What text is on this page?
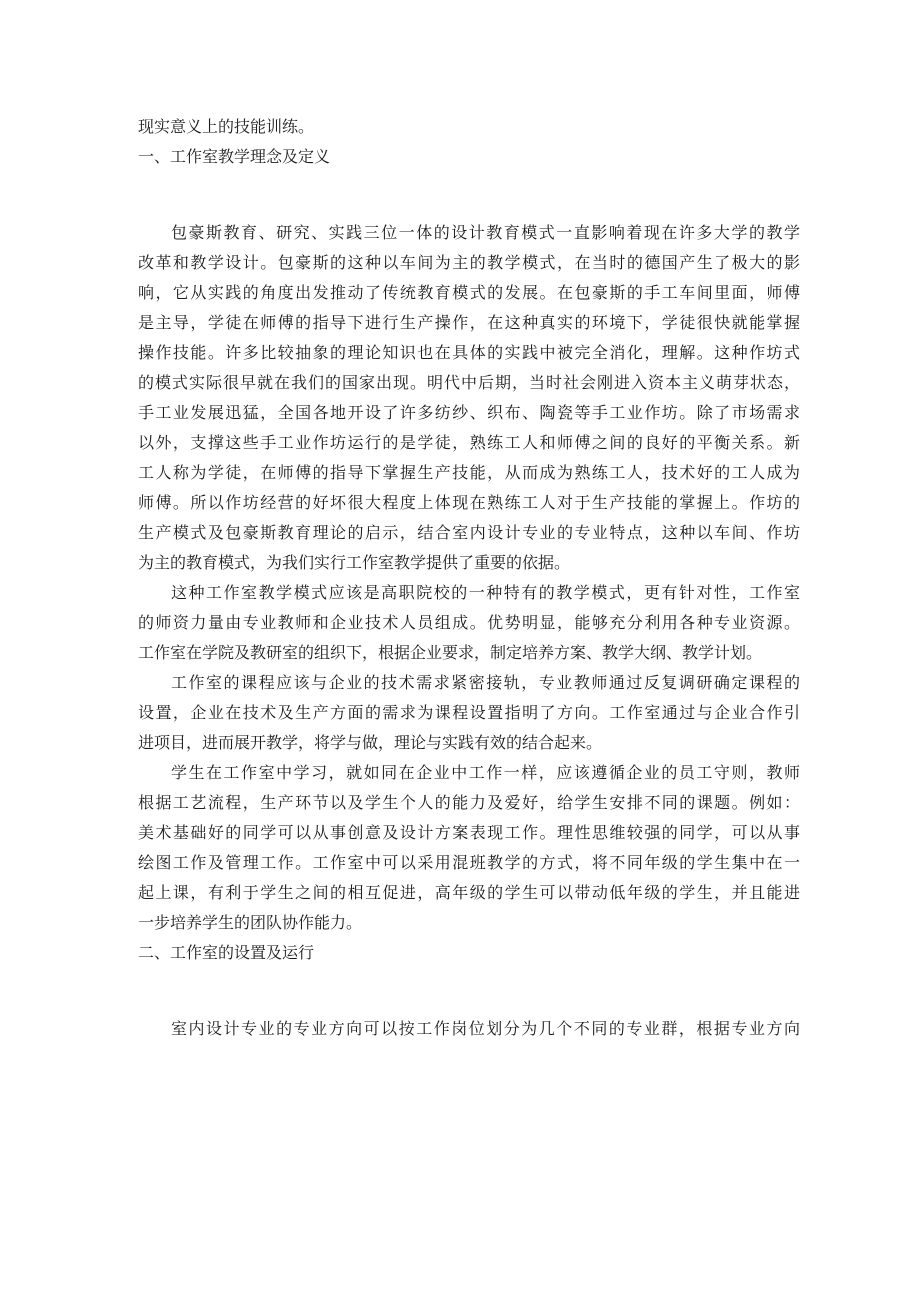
现实意义上的技能训练。
一、工作室教学理念及定义
包豪斯教育、研究、实践三位一体的设计教育模式一直影响着现在许多大学的教学
改革和教学设计。包豪斯的这种以车间为主的教学模式，在当时的德国产生了极大的影
响，它从实践的角度出发推动了传统教育模式的发展。在包豪斯的手工车间里面，师傅
是主导，学徒在师傅的指导下进行生产操作，在这种真实的环境下，学徒很快就能掌握
操作技能。许多比较抽象的理论知识也在具体的实践中被完全消化，理解。这种作坊式
的模式实际很早就在我们的国家出现。明代中后期，当时社会刚进入资本主义萌芽状态，
手工业发展迅猛，全国各地开设了许多纺纱、织布、陶瓷等手工业作坊。除了市场需求
以外，支撑这些手工业作坊运行的是学徒，熟练工人和师傅之间的良好的平衡关系。新
工人称为学徒，在师傅的指导下掌握生产技能，从而成为熟练工人，技术好的工人成为
师傅。所以作坊经营的好坏很大程度上体现在熟练工人对于生产技能的掌握上。作坊的
生产模式及包豪斯教育理论的启示，结合室内设计专业的专业特点，这种以车间、作坊
为主的教育模式，为我们实行工作室教学提供了重要的依据。
这种工作室教学模式应该是高职院校的一种特有的教学模式，更有针对性，工作室
的师资力量由专业教师和企业技术人员组成。优势明显，能够充分利用各种专业资源。
工作室在学院及教研室的组织下，根据企业要求，制定培养方案、教学大纲、教学计划。
工作室的课程应该与企业的技术需求紧密接轨，专业教师通过反复调研确定课程的
设置，企业在技术及生产方面的需求为课程设置指明了方向。工作室通过与企业合作引
进项目，进而展开教学，将学与做，理论与实践有效的结合起来。
学生在工作室中学习，就如同在企业中工作一样，应该遵循企业的员工守则，教师
根据工艺流程，生产环节以及学生个人的能力及爱好，给学生安排不同的课题。例如：
美术基础好的同学可以从事创意及设计方案表现工作。理性思维较强的同学，可以从事
绘图工作及管理工作。工作室中可以采用混班教学的方式，将不同年级的学生集中在一
起上课，有利于学生之间的相互促进，高年级的学生可以带动低年级的学生，并且能进
一步培养学生的团队协作能力。
二、工作室的设置及运行
室内设计专业的专业方向可以按工作岗位划分为几个不同的专业群，根据专业方向
